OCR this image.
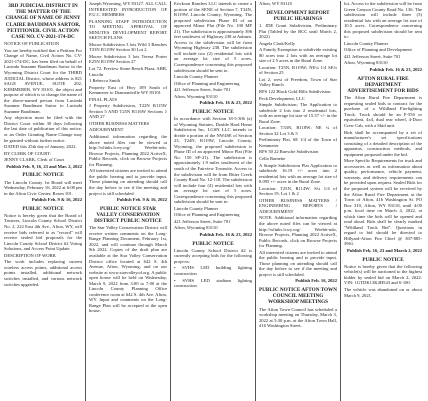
3RD JUDICIAL DISTRICT IN THE MATTER OF THE CHANGE OF NAME OF JENNY CLAIRE BAUDIMAN SARTOR, PETITIONER. CIVIL ACTION CASE NO. CV-2021-174-DC
NOTICE OF PUBLICATION
You are hereby notified that a Petition For Change of Name, Civil Action No. CV-2021-174-DC, has been filed on behalf of Lucinda Suzanne Baudiman Sartor in the Wyoming District Court for the THIRD JUDICIAL District, whose address is 821 SAGE AVENUE, SUITE 202, KEMMERER, WY 83101, the object and purpose of which is to change the name of the above-named person from Lucinda Suzanne Baudiman Sartor to Lucinda Suzanne Baudiman.
Any objection must be filed with the District Court within 30 days following the last date of publication of this notice, or an Order Granting Name Change may be granted without further notice.
DATED this 25th day of January, 2022.
BY CLERK OF COURT:
JENNY CLARK, Clerk of Court
Publish Feb. 9, 16, 23 and Mar. 2, 2022
PUBLIC NOTICE
The Lincoln County 1st Board will meet Wednesday, February 16, 2022 at 6:00 pm in the Afton Civic Center, Room 101.
Publish Feb. 9 & 16, 2022
PUBLIC NOTICE
Notice is hereby given that the Board of Trustees, Lincoln County School District No. 2, 222 East 4th Ave., Afton, WY, will receive bids referred to as "record" will receive sealed bid proposals for the Lincoln County School District #2 Voting Solutions, and Access Point Update.
DESCRIPTION OF WORK
The work includes replacing current wireless access points, additional access points installed, additional network switches installed, and various network switches upgraded.
Joseph Wyoming, WY 83127. ALL CALL INTERESTED INTRODUCTION OF P.U.C. MEMBERS
PLANNING STAFF INTRODUCTION TO MEETING APPROVAL OF MINUTES DEVELOPMENT REPORT SKETCH PLANS
Moose Subdivision 3 lots Wild 3 Ranches T33N R119W Section 30 Lot 2
Moose Subdivision 3 lots Teresa Porter E25N R119W Section 27
Lot 72. Preview Stone Bench Plaza, ABB, Lincoln
1 Rebecca Smith
Property East of Hwy 189 South of Kemmerer to Diamondville WY 83101
FINAL PLATS
J Property Subdivision, T22N R115W Section 5 AND T25N R116W Sections 1 AND 27
OTHER BUSINESS MATTERS
ADJOURNMENT
Additional information regarding the above noted files can be viewed at http://wlinks.lcwy.org/ Weebit-ndo, Browse Projects, Planning 2022 ActiveX, Public Records, click on Browse Projects for Planning.
All interested citizens are invited to attend the public hearing and to provide input. Those planning on attending should call the day before to see if the meeting and project is still scheduled.
Publish Feb. 9 & 16, 2022
PUBLIC NOTICE STAR VALLEY CONSERVATION DISTRICT PUBLIC NOTICE
The Star Valley Conservation District will receive written comments on the Long-Range Planning Document, February 1st, 2022, and will continue through March 9th 2022. Copies of the draft plan are available at the Star Valley Conservation District office located at 642 S. 4th Avenue, Afton, Wyoming, and on our website at www.starvalleycd.org. A public open house will be held on Wednesday, March 9, 2022 from 3:00 to 7:00 at the Lincoln County Planning Office conference room at 642 S. 4th Ave. Afton, WY. Input and comments on the Long-Range Plan will be accepted at the open house.
Erickson Ranches LLC intends to create a portion of the SENE of Section 7, T34N, R119W, Lincoln County, Wyoming. The proposed subdivision Phase III of an approved Minor Plat (File No. 100 MP 21). The subdivision is approximately 396 feet southwest of Highway 238 at Auburn. Access to the subdivision will be from Wyoming Highway 238. The subdivision will include two (2) residential lots with an average lot size of 5 acres. Correspondence concerning this proposed subdivision should be sent to:
Lincoln County Planner
Office of Planning and Engineering
421 Jefferson Street, Suite 701
Afton, Wyoming 83110
Publish Feb. 16 & 23, 2022
PUBLIC NOTICE
In accordance with Section 18-5-306 (a) of Wyoming Statutes, Double Hard Home Subdivision Inc, LGSN LLC intends to divide a portion of the NW4SE of Section 23, T24N, R119W, Lincoln County, Wyoming, the proposed subdivision is Phase III of an approved Minor Plat (File No. 150 SP-21). The subdivision is approximately 1.9 miles southwest of the south of the Fairview Townsite. Access to the subdivision will be from Bitter Creek County Road No. 12-118. The subdivision will include four (4) residential lots with an average lot size of 5 acres. Correspondence concerning this proposed subdivision should be sent to:
Lincoln County Planner
Office of Planning and Engineering
421 Jefferson Street, Suite 701
Afton, Wyoming 83110
Publish Feb. 16 & 23, 2022
PUBLIC NOTICE
Lincoln County School District #2 is currently accepting bids for the following projects:
• SVHS LED building lighting construction
• SVHS LED stadium lighting construction
Afton, WY 83110
DEVELOPMENT REPORT PUBLIC HEARINGS
1. JDE Grant Subdivision, Preliminary Plat (Tabled by the BCC until March 2, 2022)
Angela Clark/Kelly
A Family Exemption to subdivide existing 80 acres into 2 lots with an average lot size of 2.5 acres in the Rural Zone.
Location: T25N, R119W; NE¼ 1/4 SE¼ of Section 25
Lot 2, west of Freedom, Town of Star Valley Ranch
RFS 122 Black Gold Hills Subdivision
Peck Development, LLC
Simple Subdivision; The Application to subdivide 2 lots into 2 residential lots, with an average lot size of 15.57 +/- in the Rural Zone.
Location: T33N, R118W; NE ¼ of Section 32 Lot 3 & 5
Preliminary Plat, SE 1/4 of the Town of Kemmerer
RFS 50 22 Ruesche Subdivision
Cella Barnette
A Simple Subdivision Plat Application to subdivide 16.19 +/- acres into 2 residential lots with an average lot size of 8.095 +/- acres in the Rural Zone.
Location: T25N, R114W; S¼ 1/4 of Section 19, Lot 1 & 2
OTHER BUSINESS MATTERS / ENGINEERING REPORTS / ADJOURNMENT
NOTE: Additional information regarding the above noted files can be viewed at http://wlinks.lcwy.org/ Weebit-ndo, Browse Projects, Planning 2022 ActiveX, Public Records, click on Browse Projects for Planning.
All interested citizens are invited to attend the public hearing and to provide input. Those planning on attending should call the day before to see if the meeting and project is still scheduled.
Publish Feb. 16, 2022
PUBLIC NOTICE AFTON TOWN COUNCIL MEETING WORKSHOP MEETINGS
The Afton Town Council has scheduled a workshop meeting on Thursday, March 3, 2022 at 5:30 p.m. at the Afton Town Hall, 416 Washington Street.
lot. Access to the subdivision will be from Green Canyon County Road No. 136. The subdivision will include three (3) residential lots with an average lot size of 10.5 acres. Correspondence concerning this proposed subdivision should be sent to:
Lincoln County Planner
Office of Planning and Development
421 Jefferson Street, Suite 701
Afton, Wyoming 83110
Publish Feb. 16 & 23, 2022
AFTON RURAL FIRE DEPARTMENT ADVERTISEMENT FOR BIDS
The Afton Rural Fire Department is requesting sealed bids to contract for the purchase of a Wildland Firefighting Truck. Truck should be an F-550 or equivalent, 4x4, dual rear wheel, 4-Door Crew Cab, with a Skid unit.
Bids shall be accompanied by a set of manufacturer's set specifications consisting of a detailed description of the apparatus, construction methods, and equipment proposed under the bid.
More Specific Requirements for truck and accessories as well as information about quality, performance, vehicle payment, warranty, and delivery requirements can be provided upon request. Sealed Bids for the proposed system will be received by the Afton Rural Fire Department at the Town of Afton, 416 Washington St. PO Box 310, Afton, WY 83110, until 4:00 p.m. local time on March 4, 2022, at which time the bids will be opened and read aloud. Bids shall be clearly marked "Wildland Truck Bid". Questions in regard to bid should be directed to Hillyard-Afton Fire Chief @ 307-885-3961.
Publish Feb. 16, 23 and March 2, 2022
PUBLIC NOTICE
Notice is hereby given that the following vehicle(s) will be auctioned to the highest bidder by sealed bid on March 2, 2022: VIN: 1GTDK13K4H543 and 6-100.
The vehicle was abandoned on or about March 9, 2021.
